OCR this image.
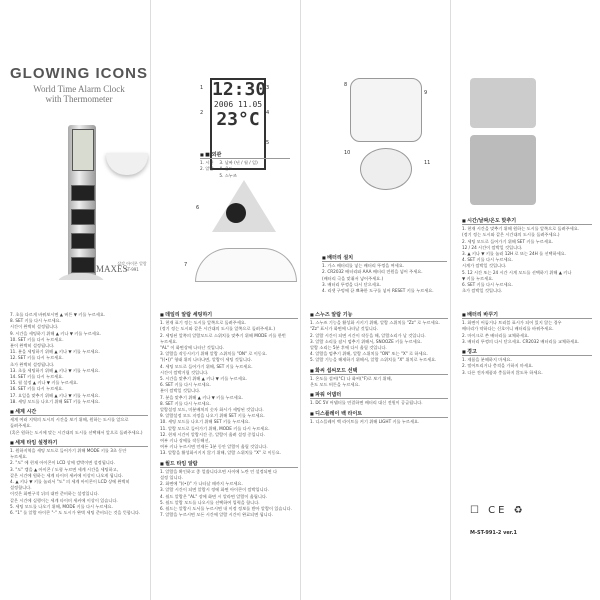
GLOWING ICONS
World Time Alarm Clock
with Thermometer
MAXES
삼각 아이콘 알람
ST-991
12:30
2006 11.05
23°C
1
2
3
4
5
■ ■ 외관
1. 시간
2. 알람
3. 날짜 (년 / 월 / 일)
4. 온도
5. 스누즈
6
7
8
9
10
11
7. 초를 다르게 바꿔보시면 ▲ 버튼 ▼ 키를 누르세요.
8. SET 키를 다시 누르세요.
시간이 완벽히 설정됩니다.
9. 시간을 세팅하기 위해 ▲ 키나 ▼ 키를 누르세요.
10. SET 키를 다시 누르세요.
분이 완벽히 설정됩니다.
11. 분을 세팅하기 위해 ▲ 키나 ▼ 키를 누르세요.
12. SET 키를 다시 누르세요.
초가 완벽히 설정됩니다.
13. 초를 세팅하기 위해 ▲ 키나 ▼ 키를 누르세요.
14. SET 키를 다시 누르세요.
15. 월 설정 ▲ 키나 ▼ 키를 누르세요.
16. SET 키를 다시 누르세요.
17. 요일을 맞추기 위해 ▲ 키나 ▼ 키를 누르세요.
18. 세팅 모드를 나오기 위해 SET 키를 누르세요.
■ 세계 시간
세계 여러 지역의 도시의 시간을 보기 위해, 원하는 도시를 앞으로
돌려주세요.
(혹은 원하는 도시에 맞는 시간대의 도시를 선택해서 앞으로 돌려주세요.)
■ 세계 타임 설정하기
1. 원하지역을 세팅 모드로 들어가기 위해 MODE 키를 3초 동안
누르세요.
2. "도" 에 현재 아이콘이 LCD 상에 깜박이면 설정됩니다.
3. "도" 캠을 ▲ 아이콘 / 도형 누르면 세계 시간을 세팅하고,
같은 시간에 원하는 세계 타이머 세커에 이상이 나오게 됩니다.
4. ▲ 키나 ▼ 키를 눌러서 "도" 의 세계 아이콘이 LCD 상에 완벽히
설정합니다.
이것은 화면구석 뒤의 대만 준비하는 설정입니다.
같은 시간에 실행이는 세계 타이머 세커에 이상이 있습니다.
5. 세팅 모드를 나오기 위해, MODE 키를 다시 누르세요.
6. "1" 를 알람 아이콘 "-" 도 도시가 완벽 세팅 준비되는 것을 뜻합니다.
■ 데일리 알람 세팅하기
1. 현재 표기 정는 도시를 앞쪽으로 돌려주세요.
(정기 정는 도시와 같은 시간대의 도시를 앞쪽으로 돌려주세요.)
2. 세팅된 앞쪽의 알람모드로 스위치를 맞추기 위해 MODE 키를 한번
누르세요.
"AL" 이 화면상에 나타난 것입니다.
3. 알람을 작동시키기 위해 알람 스위치를 "ON" 로 이동요.
"((•))" 형태 위의 나타나면, 알람이 세팅 것입니다.
4. 세팅 모드로 들어가기 위해, SET 키를 누르세요.
시간이 깜박거릴 것입니다.
5. 시간을 맞추기 위해 ▲ 키나 ▼ 키를 누르세요.
6. SET 키를 다시 누르세요.
분이 깜박일 것입니다.
7. 분을 맞추기 위해 ▲ 키나 ▼ 키를 누르세요.
8. SET 키를 다시 누르세요.
알람설정 모드, 미분배처의 숫자 화시가 세팅된 것입니다.
9. 알람설정 모드 지정을 나오기 위해 SET 키를 누르세요.
10. 세팅 모드를 나오기 위해 SET 키를 누르세요.
11. 알람 모드로 들어가기 위해, MODE 키를 다시 누르세요.
12. 현재 시간이 알람시간 중, 알람이 울려 설정 중입니다.
여부 키나 장에를 작동해선,
여부 키나 누르시면 언제든 1분 동안 알람이 울릴 것입니다.
13. 알람을 활성화시키지 않기 위해, 알람 스위치를 "X" 로 이동요.
■ 월드 타임 알람
1. 알람을 확인하고 좋 얼쓸니다으면 사이에 노란 언 설정되면 다
설정 입니다.
2. 화면에 "((•))" 가 나타날 때까지 누르세요.
3. 알람 시간이 되면 알람시 정에 화면 아이콘이 깜박입니다.
4. 월드 알람은 "AL" 장에 화면 시 알라면 알람이 울립니다.
5. 월드 알람 모드를 나오시를 선택하여 입력을 합니다.
6. 월드는 알람시 도서를 누르시면 내 이정 정보를 받아 알람이 있습니다.
7. 알람을 누르시면 모든 시간에 알람 시간이 완료되면 됩니다.
■ 스누즈 알람 기능
1. 스누즈 기능을 활성화 시키기 위해, 알람 스위치를 "Zz" 로 누르세요.
"Zz" 표시가 화면에 나타날 것입니다.
2. 알람 시간이 되면 시간이 작동을 해, 알람소리가 날 것입니다.
3. 알람 소리를 잠시 멈추기 위해서, SNOOZE 키를 누르세요.
알람 소리는 5분 후에 다시 울릴 것입니다.
4. 알람을 멈추기 위해, 알람 스위치를 "ON" 또는 "X" 로 하세요.
5. 알람 기능을 해제하기 위해서, 알람 스위치를 "X" 위치로 누르세요.
■ 화씨 섭씨모드 선택
1. 온도를 섭씨(°C) 나 화씨(°F)로 보기 위해,
온도 모드 버튼을 누르세요.
■ 파워 어댑터
1. DC 5V 어댑터를 연결하면 배터리 대신 전원이 공급됩니다.
■ 디스플레이 백 라이트
1. 디스플레이 백 라이트를 켜기 위해 LIGHT 키를 누르세요.
■ 배터리 설치
1. 가스 배터리를 넣는 배터리 뚜껑을 여세요.
2. CR2032 배터리와 AAA 배터리 전원을 넣어 주세요.
(배터리 극을 맞춰서 넣어주세요.)
3. 배터리 뚜껑을 다시 닫으세요.
4. 리셋 구멍에 끝 뾰족한 도구를 넣어 RESET 키를 누르세요.
■ 시간/날짜/온도 맞추기
1. 현재 시간을 맞추기 위해 원하는 도시를 앞쪽으로 돌려주세요.
(정기 정는 도시와 같은 시간대의 도시를 돌려주세요.)
2. 세팅 모드로 들어가기 위해 SET 키를 누르세요.
12 / 24 시간이 깜박일 것입니다.
3. ▲ 키나 ▼ 키를 눌러 12H 로 또는 24H 를 선택하세요.
4. SET 키를 다시 누르세요.
시계가 깜박일 것입니다.
5. 12 시간 또는 24 시간 시계 모드를 선택하기 위해 ▲ 키나
▼ 키를 누르세요.
6. SET 키를 다시 누르세요.
초가 깜박일 것입니다.
■ 배터리 바꾸기
1. 화면이 어둡거나 트러블 표시가 되어 있지 않는 경우
배터리가 약하다는 신호이니 배터리를 바꿔주세요.
2. 마이크로 쓴 배터리를 교체하세요.
3. 배터리 뚜껑의 다시 닫으세요. CR2032 배터리를 교체하세요.
■ 경고
1. 제품을 분해하지 마세요.
2. 떨어뜨리거나 충격을 가하지 마세요.
3. 다른 전자제품과 충돌하지 않도록 하세요.
☐ CE ♻
M-ST-991-2 ver.1
